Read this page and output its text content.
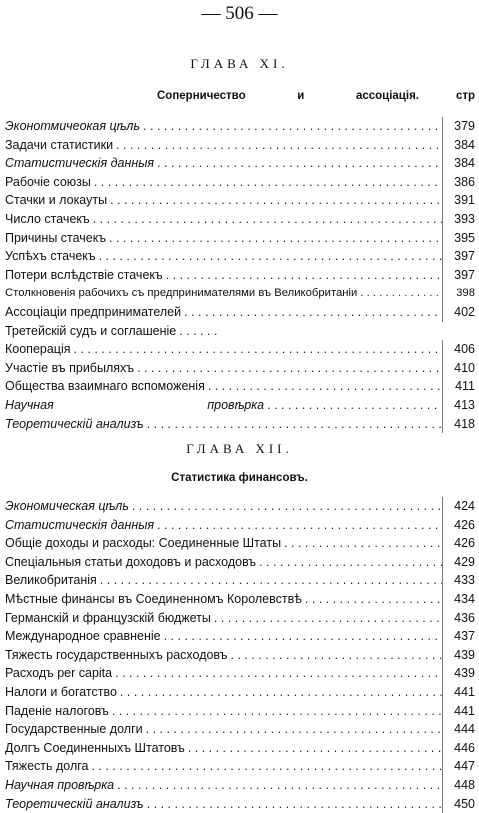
— 506 —
ГЛАВА XI.
Соперничество	и	ассоціація.	стр
Эконотмичеокая цѣль . . .	379
Задачи статистики . . .	384
Статистическія данныя . . .	384
Рабочіе союзы . . .	386
Стачки и локауты . . .	391
Число стачекъ . . .	393
Причины стачекъ . . .	395
Успѣхъ стачекъ . . .	397
Потери вслѣдствіе стачекъ . . .	397
Столкновенія рабочихъ съ предпринимателями въ Великобританіи . . .	398
Ассоціаціи предпринимателей . . .	402
Третейскій судъ и соглашеніе
. . .
Кооперація . . .	406
Участіе въ прибыляхъ . . .	410
Общества взаимнаго вспоможенія . . .	411
Научная провѣрка . . .	413
Теоретическій анализъ . . .	418
ГЛАВА XII.
Статистика финансовъ.
Экономическая цѣль . . .	424
Статистическія данныя . . .	426
Общіе доходы и расходы: Соединенные Штаты . . .	426
Спеціальныя статьи доходовъ и расходовъ . . .	429
Великобританія . . .	433
Мѣстные финансы въ Соединенномъ Королевствѣ . . .	434
Германскій и французскій бюджеты . . .	436
Международное сравненіе . . .	437
Тяжесть государственныхъ расходовъ . . .	439
Расходъ per capita . . .	439
Налоги и богатство . . .	441
Паденіе налоговъ . . .	441
Государственные долги . . .	444
Долгъ Соединенныхъ Штатовъ . . .	446
Тяжесть долга . . .	447
Научная провѣрка . . .	448
Теоретическій анализъ . . .	450
